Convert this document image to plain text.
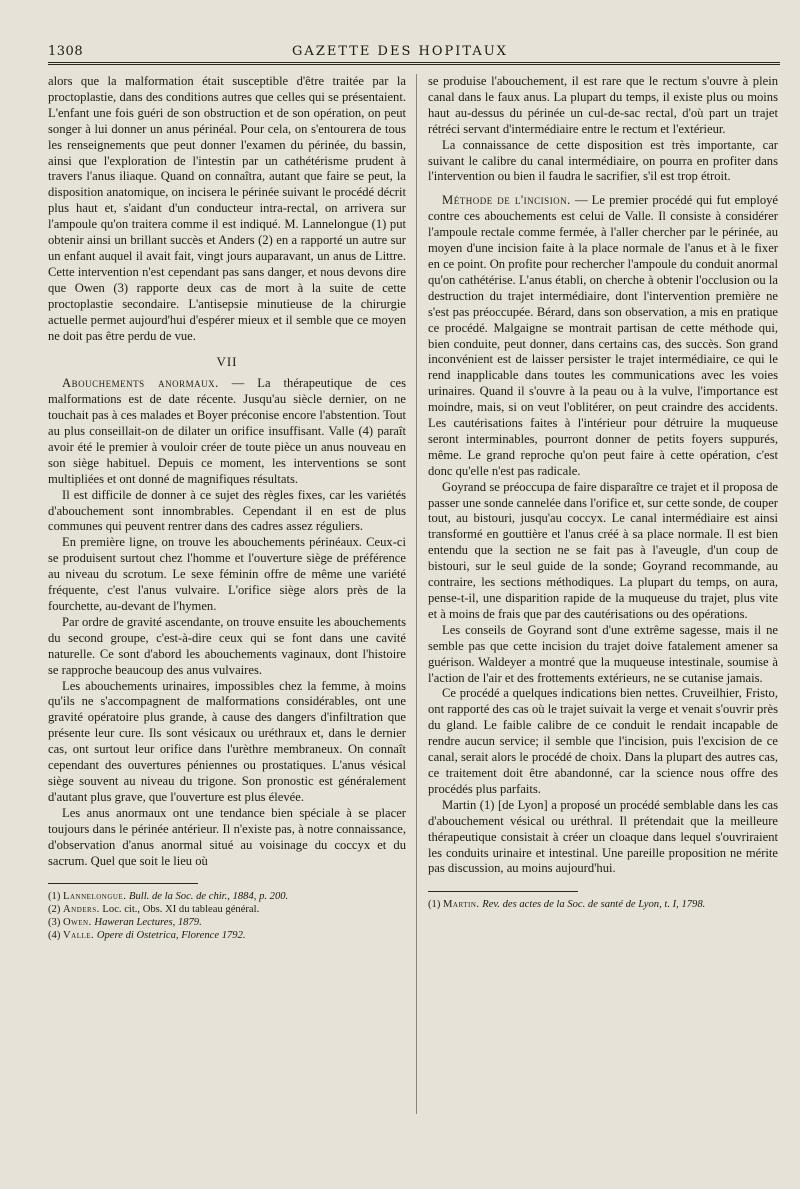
1308	GAZETTE DES HOPITAUX

alors que la malformation était susceptible d'être traitée par la proctoplastie, dans des conditions autres que celles qui se présentaient. L'enfant une fois guéri de son obstruction et de son opération, on peut songer à lui donner un anus périnéal. Pour cela, on s'entourera de tous les renseignements que peut donner l'examen du périnée, du bassin, ainsi que l'exploration de l'intestin par un cathétérisme prudent à travers l'anus iliaque. Quand on connaîtra, autant que faire se peut, la disposition anatomique, on incisera le périnée suivant le procédé décrit plus haut et, s'aidant d'un conducteur intra-rectal, on arrivera sur l'ampoule qu'on traitera comme il est indiqué. M. Lannelongue (1) put obtenir ainsi un brillant succès et Anders (2) en a rapporté un autre sur un enfant auquel il avait fait, vingt jours auparavant, un anus de Littre. Cette intervention n'est cependant pas sans danger, et nous devons dire que Owen (3) rapporte deux cas de mort à la suite de cette proctoplastie secondaire. L'antisepsie minutieuse de la chirurgie actuelle permet aujourd'hui d'espérer mieux et il semble que ce moyen ne doit pas être perdu de vue.

VII

Abouchements anormaux. — La thérapeutique de ces malformations est de date récente. Jusqu'au siècle dernier, on ne touchait pas à ces malades et Boyer préconise encore l'abstention. Tout au plus conseillait-on de dilater un orifice insuffisant. Valle (4) paraît avoir été le premier à vouloir créer de toute pièce un anus nouveau en son siège habituel. Depuis ce moment, les interventions se sont multipliées et ont donné de magnifiques résultats.

Il est difficile de donner à ce sujet des règles fixes, car les variétés d'abouchement sont innombrables. Cependant il en est de plus communes qui peuvent rentrer dans des cadres assez réguliers.

En première ligne, on trouve les abouchements périnéaux. Ceux-ci se produisent surtout chez l'homme et l'ouverture siège de préférence au niveau du scrotum. Le sexe féminin offre de même une variété fréquente, c'est l'anus vulvaire. L'orifice siège alors près de la fourchette, au-devant de l'hymen.

Par ordre de gravité ascendante, on trouve ensuite les abouchements du second groupe, c'est-à-dire ceux qui se font dans une cavité naturelle. Ce sont d'abord les abouchements vaginaux, dont l'histoire se rapproche beaucoup des anus vulvaires.

Les abouchements urinaires, impossibles chez la femme, à moins qu'ils ne s'accompagnent de malformations considérables, ont une gravité opératoire plus grande, à cause des dangers d'infiltration que présente leur cure. Ils sont vésicaux ou uréthraux et, dans le dernier cas, ont surtout leur orifice dans l'urèthre membraneux. On connaît cependant des ouvertures péniennes ou prostatiques. L'anus vésical siège souvent au niveau du trigone. Son pronostic est généralement d'autant plus grave, que l'ouverture est plus élevée.

Les anus anormaux ont une tendance bien spéciale à se placer toujours dans le périnée antérieur. Il n'existe pas, à notre connaissance, d'observation d'anus anormal situé au voisinage du coccyx et du sacrum. Quel que soit le lieu où

(1) Lannelongue. Bull. de la Soc. de chir., 1884, p. 200.

(2) Anders. Loc. cit., Obs. XI du tableau général.

(3) Owen. Haweran Lectures, 1879.

(4) Valle. Opere di Ostetrica, Florence 1792.

se produise l'abouchement, il est rare que le rectum s'ouvre à plein canal dans le faux anus. La plupart du temps, il existe plus ou moins haut au-dessus du périnée un cul-de-sac rectal, d'où part un trajet rétréci servant d'intermédiaire entre le rectum et l'extérieur.

La connaissance de cette disposition est très importante, car suivant le calibre du canal intermédiaire, on pourra en profiter dans l'intervention ou bien il faudra le sacrifier, s'il est trop étroit.

Méthode de l'incision. — Le premier procédé qui fut employé contre ces abouchements est celui de Valle. Il consiste à considérer l'ampoule rectale comme fermée, à l'aller chercher par le périnée, au moyen d'une incision faite à la place normale de l'anus et à le fixer en ce point. On profite pour rechercher l'ampoule du conduit anormal qu'on cathétérise. L'anus établi, on cherche à obtenir l'occlusion ou la destruction du trajet intermédiaire, dont l'intervention première ne s'est pas préoccupée. Bérard, dans son observation, a mis en pratique ce procédé. Malgaigne se montrait partisan de cette méthode qui, bien conduite, peut donner, dans certains cas, des succès. Son grand inconvénient est de laisser persister le trajet intermédiaire, ce qui le rend inapplicable dans toutes les communications avec les voies urinaires. Quand il s'ouvre à la peau ou à la vulve, l'importance est moindre, mais, si on veut l'oblitérer, on peut craindre des accidents. Les cautérisations faites à l'intérieur pour détruire la muqueuse seront interminables, pourront donner de petits foyers suppurés, même. Le grand reproche qu'on peut faire à cette opération, c'est donc qu'elle n'est pas radicale.

Goyrand se préoccupa de faire disparaître ce trajet et il proposa de passer une sonde cannelée dans l'orifice et, sur cette sonde, de couper tout, au bistouri, jusqu'au coccyx. Le canal intermédiaire est ainsi transformé en gouttière et l'anus créé à sa place normale. Il est bien entendu que la section ne se fait pas à l'aveugle, d'un coup de bistouri, sur le seul guide de la sonde; Goyrand recommande, au contraire, les sections méthodiques. La plupart du temps, on aura, pense-t-il, une disparition rapide de la muqueuse du trajet, plus vite et à moins de frais que par des cautérisations ou des opérations.

Les conseils de Goyrand sont d'une extrême sagesse, mais il ne semble pas que cette incision du trajet doive fatalement amener sa guérison. Waldeyer a montré que la muqueuse intestinale, soumise à l'action de l'air et des frottements extérieurs, ne se cutanise jamais.

Ce procédé a quelques indications bien nettes. Cruveilhier, Fristo, ont rapporté des cas où le trajet suivait la verge et venait s'ouvrir près du gland. Le faible calibre de ce conduit le rendait incapable de rendre aucun service; il semble que l'incision, puis l'excision de ce canal, serait alors le procédé de choix. Dans la plupart des autres cas, ce traitement doit être abandonné, car la science nous offre des procédés plus parfaits.

Martin (1) [de Lyon] a proposé un procédé semblable dans les cas d'abouchement vésical ou uréthral. Il prétendait que la meilleure thérapeutique consistait à créer un cloaque dans lequel s'ouvriraient les conduits urinaire et intestinal. Une pareille proposition ne mérite pas discussion, au moins aujourd'hui.

(1) Martin. Rev. des actes de la Soc. de santé de Lyon, t. I, 1798.
